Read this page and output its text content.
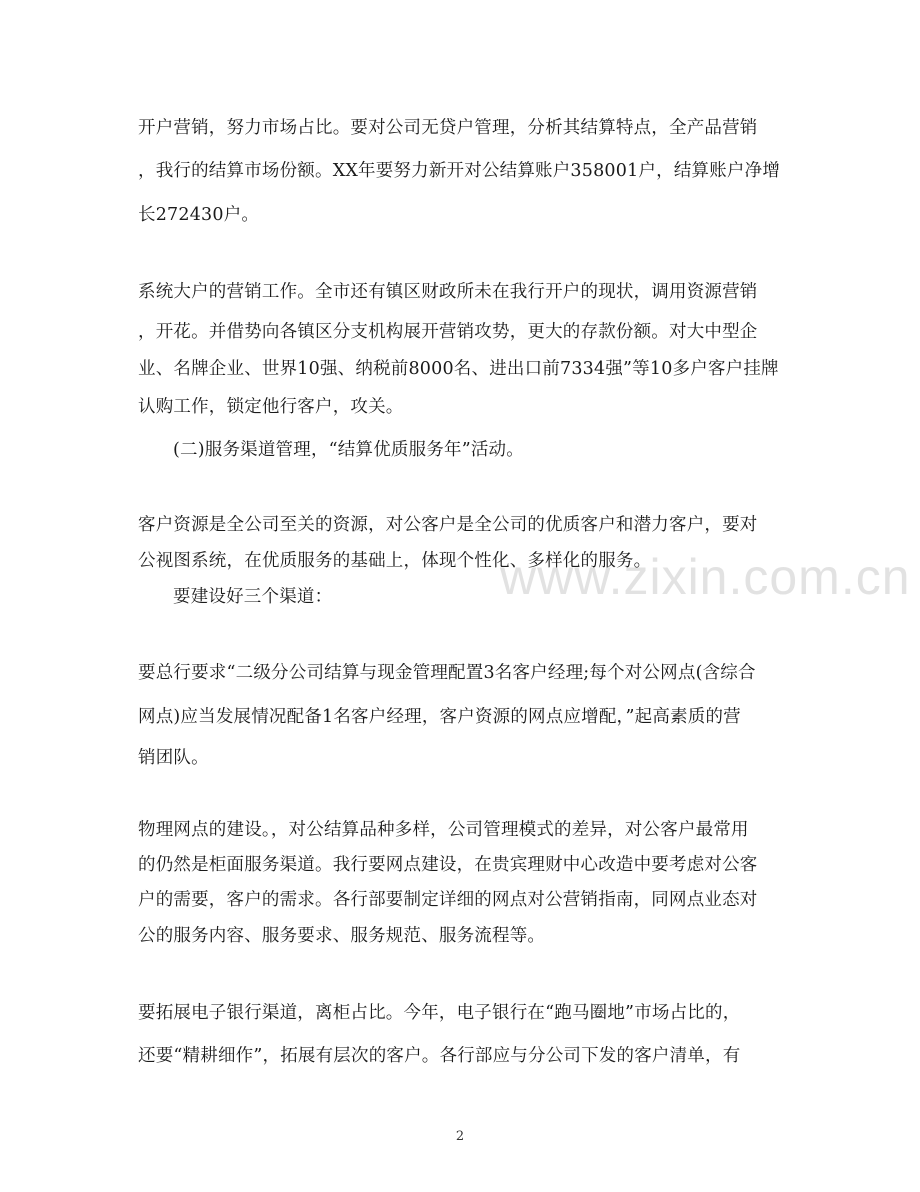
开户营销，努力市场占比。要对公司无贷户管理，分析其结算特点，全产品营销
，我行的结算市场份额。XX年要努力新开对公结算账户358001户，结算账户净增
长272430户。
系统大户的营销工作。全市还有镇区财政所未在我行开户的现状，调用资源营销
，开花。并借势向各镇区分支机构展开营销攻势，更大的存款份额。对大中型企
业、名牌企业、世界10强、纳税前8000名、进出口前7334强”等10多户客户挂牌
认购工作，锁定他行客户，攻关。
(二)服务渠道管理，“结算优质服务年”活动。
客户资源是全公司至关的资源，对公客户是全公司的优质客户和潜力客户，要对
公视图系统，在优质服务的基础上，体现个性化、多样化的服务。
要建设好三个渠道：
要总行要求“二级分公司结算与现金管理配置3名客户经理;每个对公网点(含综合
网点)应当发展情况配备1名客户经理，客户资源的网点应增配，”起高素质的营
销团队。
物理网点的建设。，对公结算品种多样，公司管理模式的差异，对公客户最常用
的仍然是柜面服务渠道。我行要网点建设，在贵宾理财中心改造中要考虑对公客
户的需要，客户的需求。各行部要制定详细的网点对公营销指南，同网点业态对
公的服务内容、服务要求、服务规范、服务流程等。
要拓展电子银行渠道，离柜占比。今年，电子银行在“跑马圈地”市场占比的，
还要“精耕细作”，拓展有层次的客户。各行部应与分公司下发的客户清单，有
www.zixin.com.cn
2
